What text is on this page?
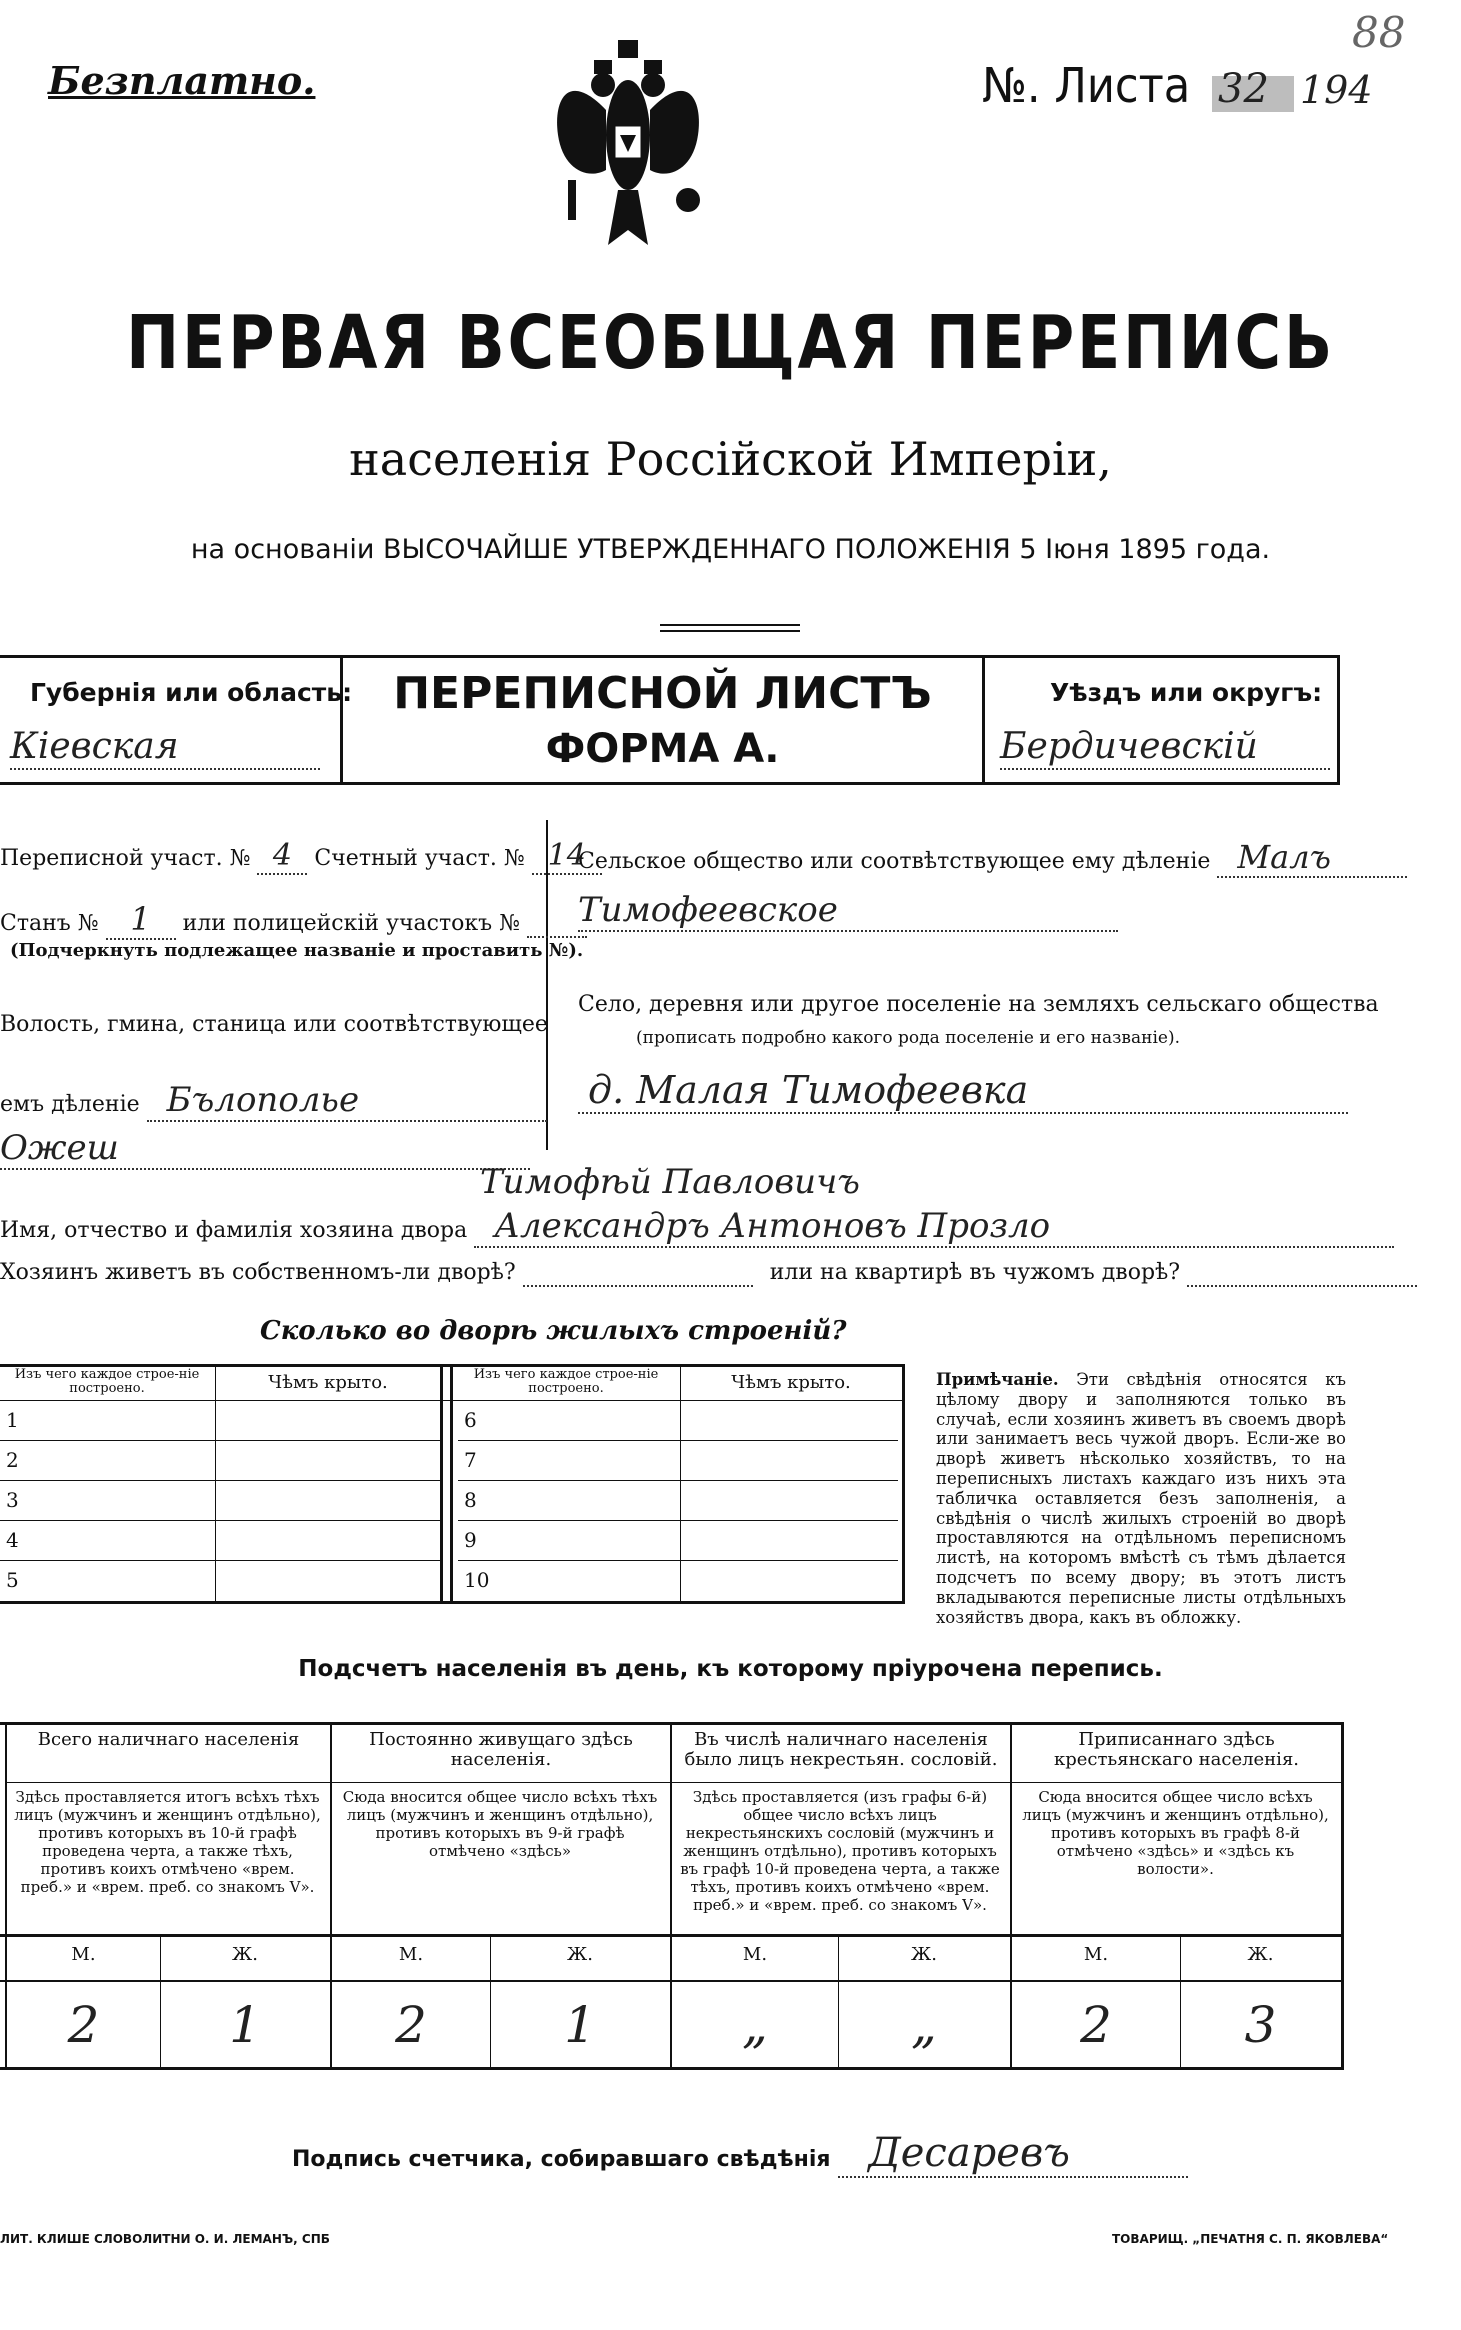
Безплатно.	№. Листа 32 194
88
ПЕРВАЯ ВСЕОБЩАЯ ПЕРЕПИСЬ
населенія Россійской Имперіи,
на основаніи ВЫСОЧАЙШЕ УТВЕРЖДЕННАГО ПОЛОЖЕНІЯ 5 Іюня 1895 года.
Губернія или область:
Кіевская
ПЕРЕПИСНОЙ ЛИСТЪ
ФОРМА А.
Уѣздъ или округъ:
Бердичевскій
Переписной участ. № 4 Счетный участ. № 14
Станъ № 1 или полицейскій участокъ №
(Подчеркнуть подлежащее названіе и проставить №).
Волость, гмина, станица или соотвѣтствующее
емъ дѣленіе Бълополье
Ожеш
Сельское общество или соотвѣтствующее ему дѣленіе Малъ
Тимофеевское
Село, деревня или другое поселеніе на земляхъ сельскаго общества
(прописать подробно какого рода поселеніе и его названіе).
д. Малая Тимофеевка
Тимофѣй Павловичъ
Имя, отчество и фамилія хозяина двора Александръ Антоновъ Прозло
Хозяинъ живетъ въ собственномъ-ли дворѣ?	или на квартирѣ въ чужомъ дворѣ?
Сколько во дворѣ жилыхъ строеній?
Изъ чего каждое строе-ніе построено.	Чѣмъ крыто.	Изъ чего каждое строе-ніе построено.	Чѣмъ крыто.
1
2
3
4
5
6
7
8
9
10
Примѣчаніе. Эти свѣдѣнія относятся къ цѣлому двору и заполняются только въ случаѣ, если хозяинъ живетъ въ своемъ дворѣ или занимаетъ весь чужой дворъ. Если-же во дворѣ живетъ нѣсколько хозяйствъ, то на переписныхъ листахъ каждаго изъ нихъ эта табличка оставляется безъ заполненія, а свѣдѣнія о числѣ жилыхъ строеній во дворѣ проставляются на отдѣльномъ переписномъ листѣ, на которомъ вмѣстѣ съ тѣмъ дѣлается подсчетъ по всему двору; въ этотъ листъ вкладываются переписные листы отдѣльныхъ хозяйствъ двора, какъ въ обложку.
Подсчетъ населенія въ день, къ которому пріурочена перепись.
Всего наличнаго населенія
Здѣсь проставляется итогъ всѣхъ тѣхъ лицъ (мужчинъ и женщинъ отдѣльно), противъ которыхъ въ 10-й графѣ проведена черта, а также тѣхъ, противъ коихъ отмѣчено «врем. преб.» и «врем. преб. со знакомъ V».
М.	Ж.
2	1
Постоянно живущаго здѣсь населенія.
Сюда вносится общее число всѣхъ тѣхъ лицъ (мужчинъ и женщинъ отдѣльно), противъ которыхъ въ 9-й графѣ отмѣчено «здѣсь»
М.	Ж.
2	1
Въ числѣ наличнаго населенія было лицъ некрестьян. сословій.
Здѣсь проставляется (изъ графы 6-й) общее число всѣхъ лицъ некрестьянскихъ сословій (мужчинъ и женщинъ отдѣльно), противъ которыхъ въ графѣ 10-й проведена черта, а также тѣхъ, противъ коихъ отмѣчено «врем. преб.» и «врем. преб. со знакомъ V».
М.	Ж.
„	„
Приписаннаго здѣсь крестьянскаго населенія.
Сюда вносится общее число всѣхъ лицъ (мужчинъ и женщинъ отдѣльно), противъ которыхъ въ графѣ 8-й отмѣчено «здѣсь» и «здѣсь къ волости».
М.	Ж.
2	3
Подпись счетчика, собиравшаго свѣдѣнія Десаревъ
ЛИТ. КЛИШЕ СЛОВОЛИТНИ О. И. ЛЕМАНЪ, СПБ	ТОВАРИЩ. „ПЕЧАТНЯ С. П. ЯКОВЛЕВА“
